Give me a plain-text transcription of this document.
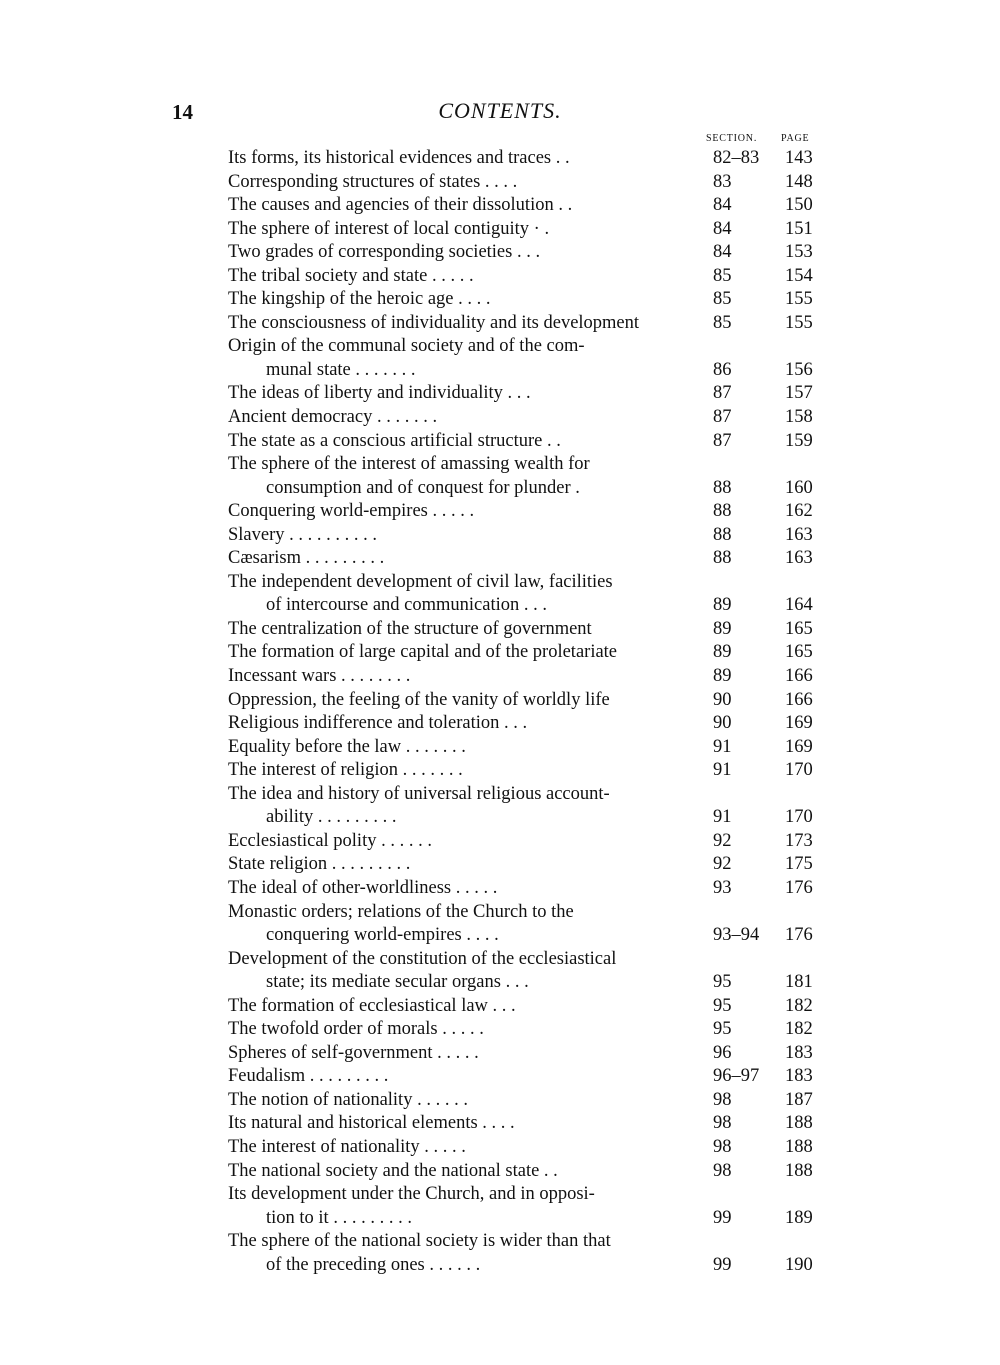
14	CONTENTS.
SECTION. PAGE
Its forms, its historical evidences and traces . .	82–83 143
Corresponding structures of states . . . .	83	148
The causes and agencies of their dissolution . .	84	150
The sphere of interest of local contiguity · .	84	151
Two grades of corresponding societies . . .	84	153
The tribal society and state . . . . .	85	154
The kingship of the heroic age . . . .	85	155
The consciousness of individuality and its development	85	155
Origin of the communal society and of the com-
munal state . . . . . . .	86	156
The ideas of liberty and individuality . . .	87	157
Ancient democracy . . . . . . .	87	158
The state as a conscious artificial structure . .	87	159
The sphere of the interest of amassing wealth for
consumption and of conquest for plunder .	88	160
Conquering world-empires . . . . .	88	162
Slavery . . . . . . . . . .	88	163
Cæsarism . . . . . . . . .	88	163
The independent development of civil law, facilities
of intercourse and communication . . .	89	164
The centralization of the structure of government	89	165
The formation of large capital and of the proletariate	89	165
Incessant wars . . . . . . . .	89	166
Oppression, the feeling of the vanity of worldly life	90	166
Religious indifference and toleration . . .	90	169
Equality before the law . . . . . . .	91	169
The interest of religion . . . . . . .	91	170
The idea and history of universal religious account-
ability . . . . . . . . .	91	170
Ecclesiastical polity . . . . . .	92	173
State religion . . . . . . . . .	92	175
The ideal of other-worldliness . . . . .	93	176
Monastic orders; relations of the Church to the
conquering world-empires . . . .	93–94 176
Development of the constitution of the ecclesiastical
state; its mediate secular organs . . .	95	181
The formation of ecclesiastical law . . .	95	182
The twofold order of morals . . . . .	95	182
Spheres of self-government . . . . .	96	183
Feudalism . . . . . . . . .	96–97 183
The notion of nationality . . . . . .	98	187
Its natural and historical elements . . . .	98	188
The interest of nationality . . . . .	98	188
The national society and the national state . .	98	188
Its development under the Church, and in opposi-
tion to it . . . . . . . . .	99	189
The sphere of the national society is wider than that
of the preceding ones . . . . . .	99	190
